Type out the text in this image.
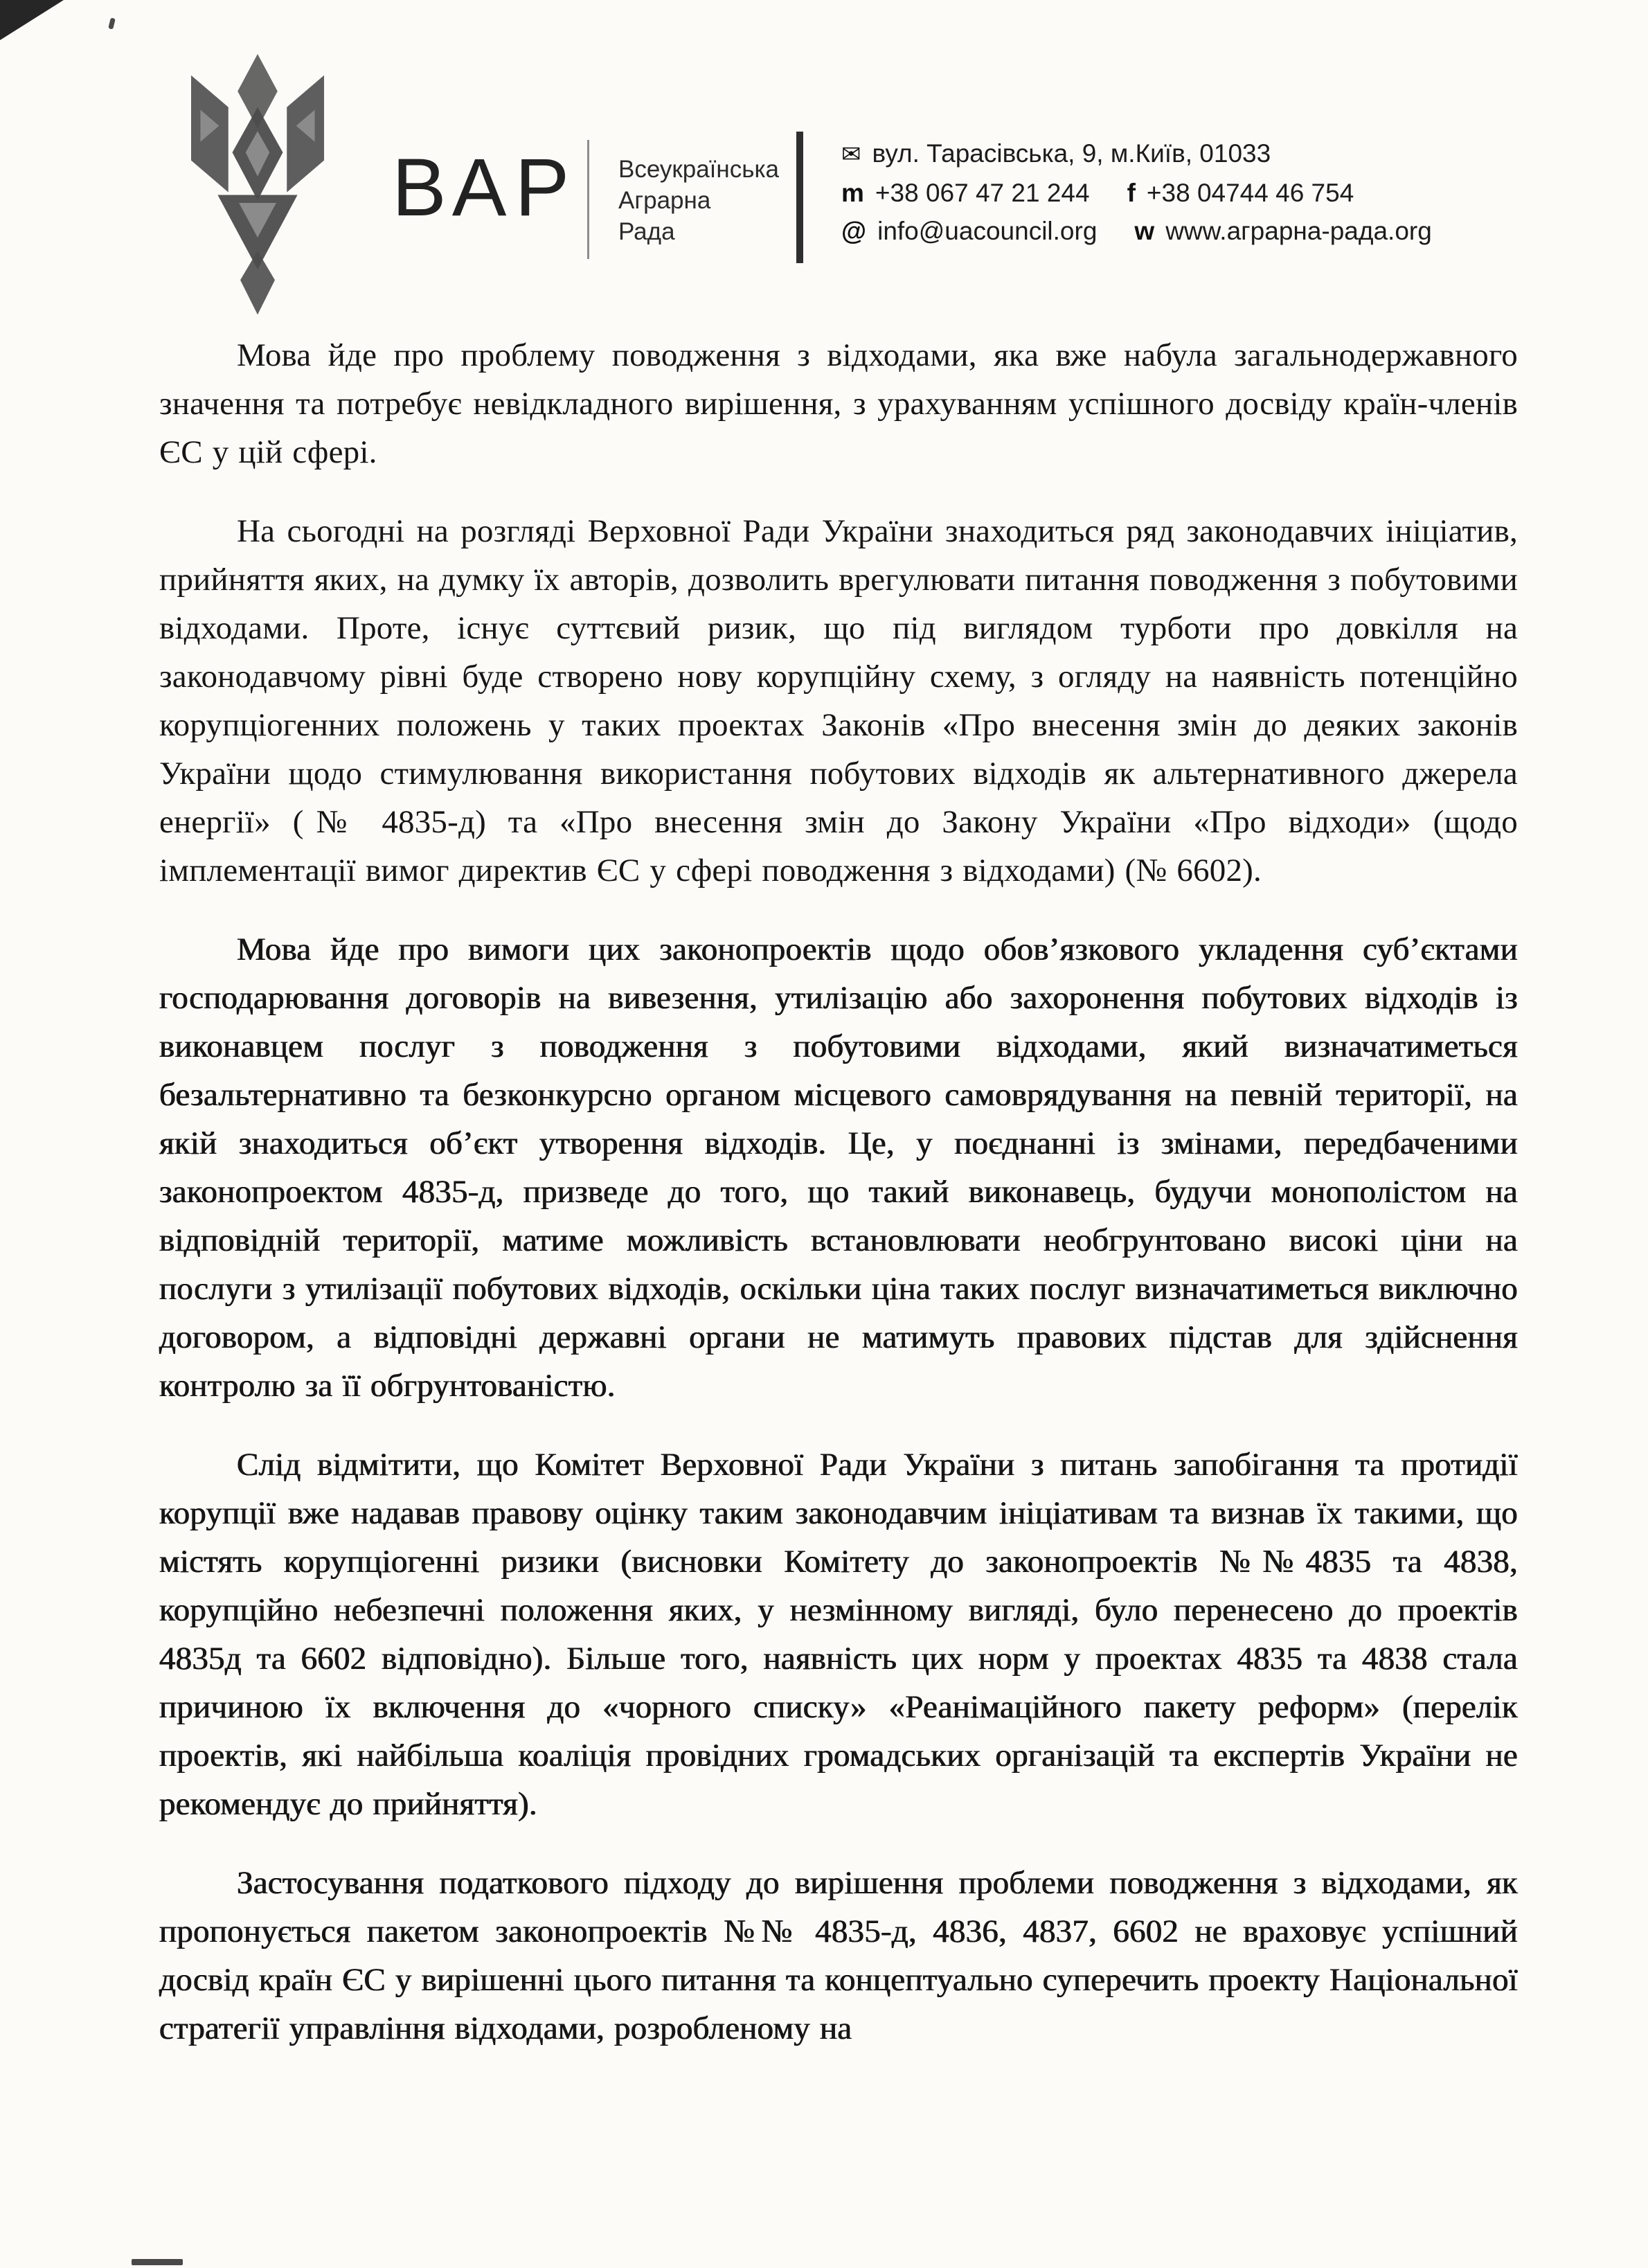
ВАР Всеукраїнська
Аграрна
Рада
✉ вул. Тарасівська, 9, м.Київ, 01033
m +38 067 47 21 244 f +38 04744 46 754
@ info@uacouncil.org w www.аграрна-рада.org

Мова йде про проблему поводження з відходами, яка вже набула загальнодержавного значення та потребує невідкладного вирішення, з урахуванням успішного досвіду країн-членів ЄС у цій сфері.

На сьогодні на розгляді Верховної Ради України знаходиться ряд законодавчих ініціатив, прийняття яких, на думку їх авторів, дозволить врегулювати питання поводження з побутовими відходами. Проте, існує суттєвий ризик, що під виглядом турботи про довкілля на законодавчому рівні буде створено нову корупційну схему, з огляду на наявність потенційно корупціогенних положень у таких проектах Законів «Про внесення змін до деяких законів України щодо стимулювання використання побутових відходів як альтернативного джерела енергії» (№ 4835-д) та «Про внесення змін до Закону України «Про відходи» (щодо імплементації вимог директив ЄС у сфері поводження з відходами) (№ 6602).

Мова йде про вимоги цих законопроектів щодо обов’язкового укладення суб’єктами господарювання договорів на вивезення, утилізацію або захоронення побутових відходів із виконавцем послуг з поводження з побутовими відходами, який визначатиметься безальтернативно та безконкурсно органом місцевого самоврядування на певній території, на якій знаходиться об’єкт утворення відходів. Це, у поєднанні із змінами, передбаченими законопроектом 4835-д, призведе до того, що такий виконавець, будучи монополістом на відповідній території, матиме можливість встановлювати необгрунтовано високі ціни на послуги з утилізації побутових відходів, оскільки ціна таких послуг визначатиметься виключно договором, а відповідні державні органи не матимуть правових підстав для здійснення контролю за її обгрунтованістю.

Слід відмітити, що Комітет Верховної Ради України з питань запобігання та протидії корупції вже надавав правову оцінку таким законодавчим ініціативам та визнав їх такими, що містять корупціогенні ризики (висновки Комітету до законопроектів №№4835 та 4838, корупційно небезпечні положення яких, у незмінному вигляді, було перенесено до проектів 4835д та 6602 відповідно). Більше того, наявність цих норм у проектах 4835 та 4838 стала причиною їх включення до «чорного списку» «Реанімаційного пакету реформ» (перелік проектів, які найбільша коаліція провідних громадських організацій та експертів України не рекомендує до прийняття).

Застосування податкового підходу до вирішення проблеми поводження з відходами, як пропонується пакетом законопроектів №№ 4835-д, 4836, 4837, 6602 не враховує успішний досвід країн ЄС у вирішенні цього питання та концептуально суперечить проекту Національної стратегії управління відходами, розробленому на
